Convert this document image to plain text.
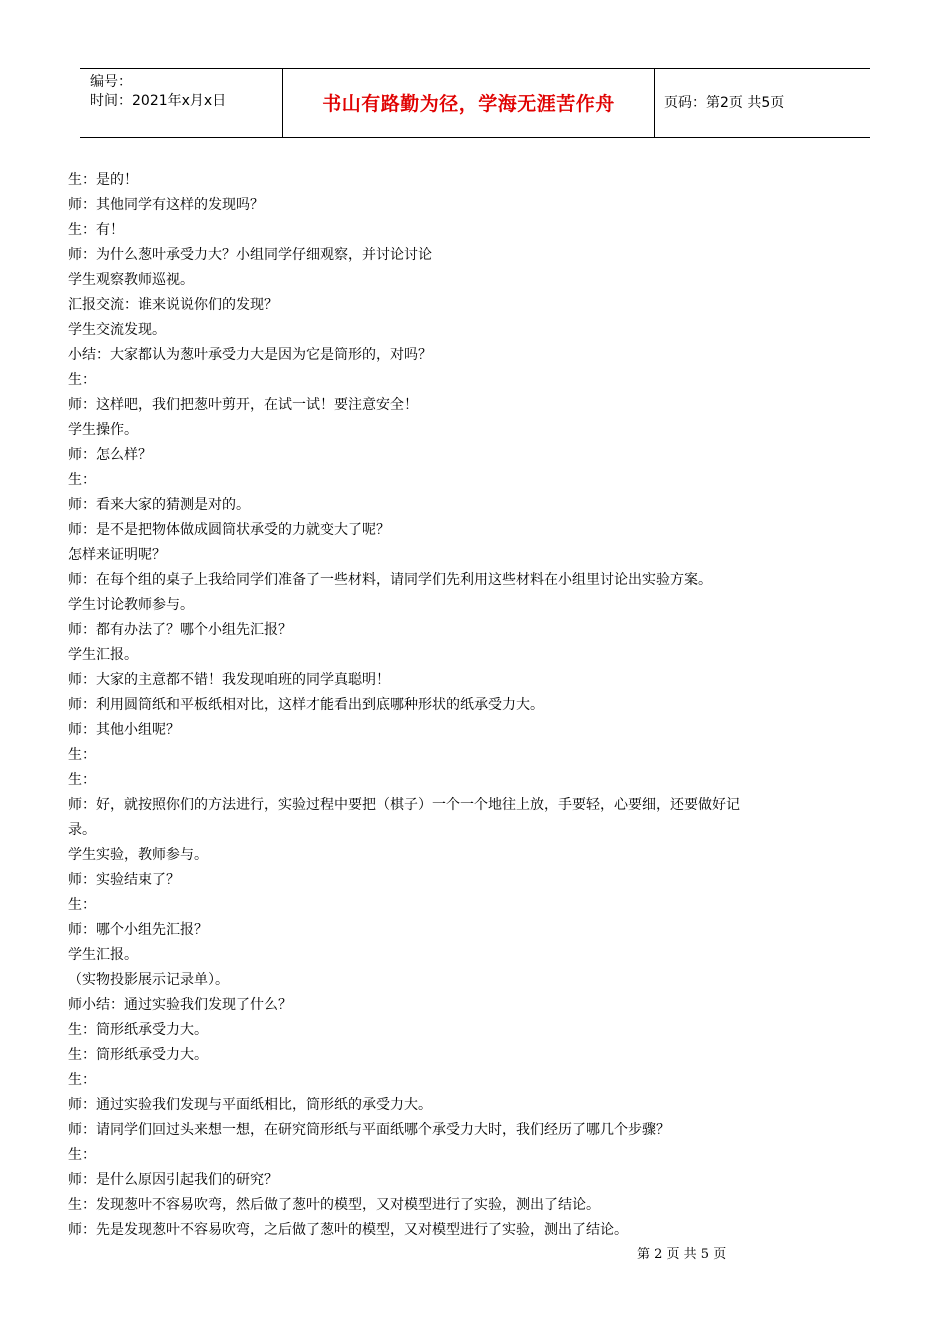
编号：
时间：2021年x月x日	书山有路勤为径，学海无涯苦作舟	页码：第2页 共5页
生：是的！
师：其他同学有这样的发现吗？
生：有！
师：为什么葱叶承受力大？小组同学仔细观察，并讨论讨论
学生观察教师巡视。
汇报交流：谁来说说你们的发现？
学生交流发现。
小结：大家都认为葱叶承受力大是因为它是筒形的，对吗？
生：
师：这样吧，我们把葱叶剪开，在试一试！要注意安全！
学生操作。
师：怎么样？
生：
师：看来大家的猜测是对的。
师：是不是把物体做成圆筒状承受的力就变大了呢？
怎样来证明呢？
师：在每个组的桌子上我给同学们准备了一些材料，请同学们先利用这些材料在小组里讨论出实验方案。
学生讨论教师参与。
师：都有办法了？哪个小组先汇报？
学生汇报。
师：大家的主意都不错！我发现咱班的同学真聪明！
师：利用圆筒纸和平板纸相对比，这样才能看出到底哪种形状的纸承受力大。
师：其他小组呢？
生：
生：
师：好，就按照你们的方法进行，实验过程中要把（棋子）一个一个地往上放，手要轻，心要细，还要做好记
录。
学生实验，教师参与。
师：实验结束了？
生：
师：哪个小组先汇报？
学生汇报。
（实物投影展示记录单）。
师小结：通过实验我们发现了什么？
生：筒形纸承受力大。
生：筒形纸承受力大。
生：
师：通过实验我们发现与平面纸相比，筒形纸的承受力大。
师：请同学们回过头来想一想，在研究筒形纸与平面纸哪个承受力大时，我们经历了哪几个步骤？
生：
师：是什么原因引起我们的研究？
生：发现葱叶不容易吹弯，然后做了葱叶的模型，又对模型进行了实验，测出了结论。
师：先是发现葱叶不容易吹弯，之后做了葱叶的模型，又对模型进行了实验，测出了结论。
第 2 页 共 5 页
